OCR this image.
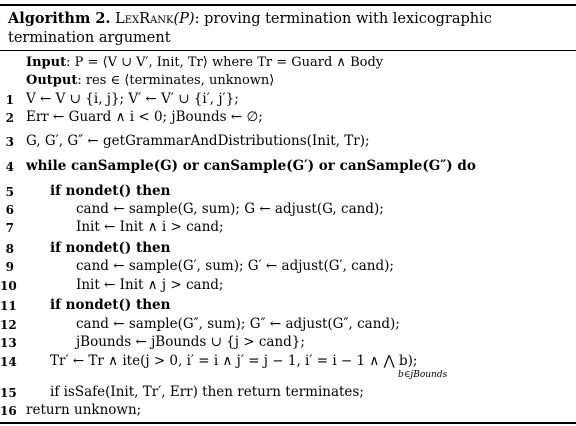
Algorithm 2. LexRank(P): proving termination with lexicographic termination argument
Input: P = ⟨V ∪ V′, Init, Tr⟩ where Tr = Guard ∧ Body
Output: res ∈ ⟨terminates, unknown⟩
1 V ← V ∪ {i, j}; V′ ← V′ ∪ {i′, j′};
2 Err ← Guard ∧ i < 0; jBounds ← ∅;
3 G, G′, G″ ← getGrammarAndDistributions(Init, Tr);
4 while canSample(G) or canSample(G′) or canSample(G″) do
5	if nondet() then
6	cand ← sample(G, sum); G ← adjust(G, cand);
7	Init ← Init ∧ i > cand;
8	if nondet() then
9	cand ← sample(G′, sum); G′ ← adjust(G′, cand);
10	Init ← Init ∧ j > cand;
11 if nondet() then
12	cand ← sample(G″, sum); G″ ← adjust(G″, cand);
13	jBounds ← jBounds ∪ {j > cand};
14 Tr′ ← Tr ∧ ite(j > 0, i′ = i ∧ j′ = j − 1, i′ = i − 1 ∧ ⋀ b);
b∈jBounds
15 if isSafe(Init, Tr′, Err) then return terminates;
16 return unknown;
